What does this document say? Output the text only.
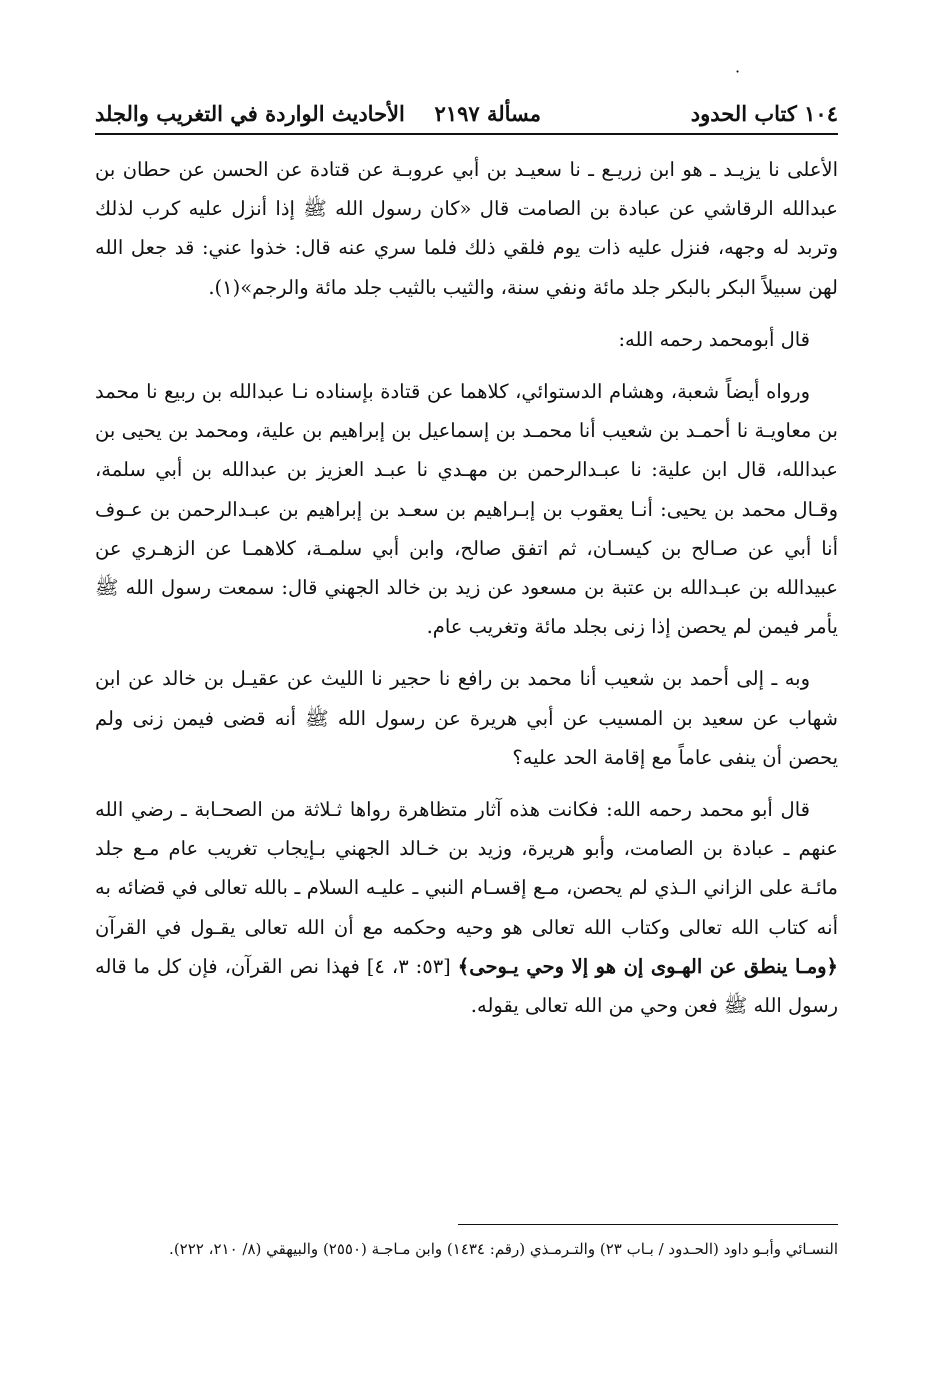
·
١٠٤ كتاب الحدود
مسألة ٢١٩٧
الأحاديث الواردة في التغريب والجلد

الأعلى نا يزيـد ـ هو ابن زريـع ـ نا سعيـد بن أبي عروبـة عن قتادة عن الحسن عن حطان بن عبدالله الرقاشي عن عبادة بن الصامت قال «كان رسول الله ﷺ إذا أنزل عليه كرب لذلك وتربد له وجهه، فنزل عليه ذات يوم فلقي ذلك فلما سري عنه قال: خذوا عني: قد جعل الله لهن سبيلاً البكر بالبكر جلد مائة ونفي سنة، والثيب بالثيب جلد مائة والرجم»(١).

قال أبومحمد رحمه الله:

ورواه أيضاً شعبة، وهشام الدستوائي، كلاهما عن قتادة بإسناده نـا عبدالله بن ربيع نا محمد بن معاويـة نا أحمـد بن شعيب أنا محمـد بن إسماعيل بن إبراهيم بن علية، ومحمد بن يحيى بن عبدالله، قال ابن علية: نا عبـدالرحمن بن مهـدي نا عبـد العزيز بن عبدالله بن أبي سلمة، وقـال محمد بن يحيى: أنـا يعقوب بن إبـراهيم بن سعـد بن إبراهيم بن عبـدالرحمن بن عـوف أنا أبي عن صـالح بن كيسـان، ثم اتفق صالح، وابن أبي سلمـة، كلاهمـا عن الزهـري عن عبيدالله بن عبـدالله بن عتبة بن مسعود عن زيد بن خالد الجهني قال: سمعت رسول الله ﷺ يأمر فيمن لم يحصن إذا زنى بجلد مائة وتغريب عام.

وبه ـ إلى أحمد بن شعيب أنا محمد بن رافع نا حجير نا الليث عن عقيـل بن خالد عن ابن شهاب عن سعيد بن المسيب عن أبي هريرة عن رسول الله ﷺ أنه قضى فيمن زنى ولم يحصن أن ينفى عاماً مع إقامة الحد عليه؟

قال أبو محمد رحمه الله: فكانت هذه آثار متظاهرة رواها ثـلاثة من الصحـابة ـ رضي الله عنهم ـ عبادة بن الصامت، وأبو هريرة، وزيد بن خـالد الجهني بـإيجاب تغريب عام مـع جلد مائـة على الزاني الـذي لم يحصن، مـع إقسـام النبي ـ عليـه السلام ـ بالله تعالى في قضائه به أنه كتاب الله تعالى وكتاب الله تعالى هو وحيه وحكمه مع أن الله تعالى يقـول في القرآن ﴿ومـا ينطق عن الهـوى إن هو إلا وحي يـوحى﴾ [٥٣: ٣، ٤] فهذا نص القرآن، فإن كل ما قاله رسول الله ﷺ فعن وحي من الله تعالى يقوله.

النسـائي وأبـو داود (الحـدود / بـاب ٢٣) والتـرمـذي (رقم: ١٤٣٤) وابن مـاجـة (٢٥٥٠) والبيهقي (٨/ ٢١٠، ٢٢٢).
